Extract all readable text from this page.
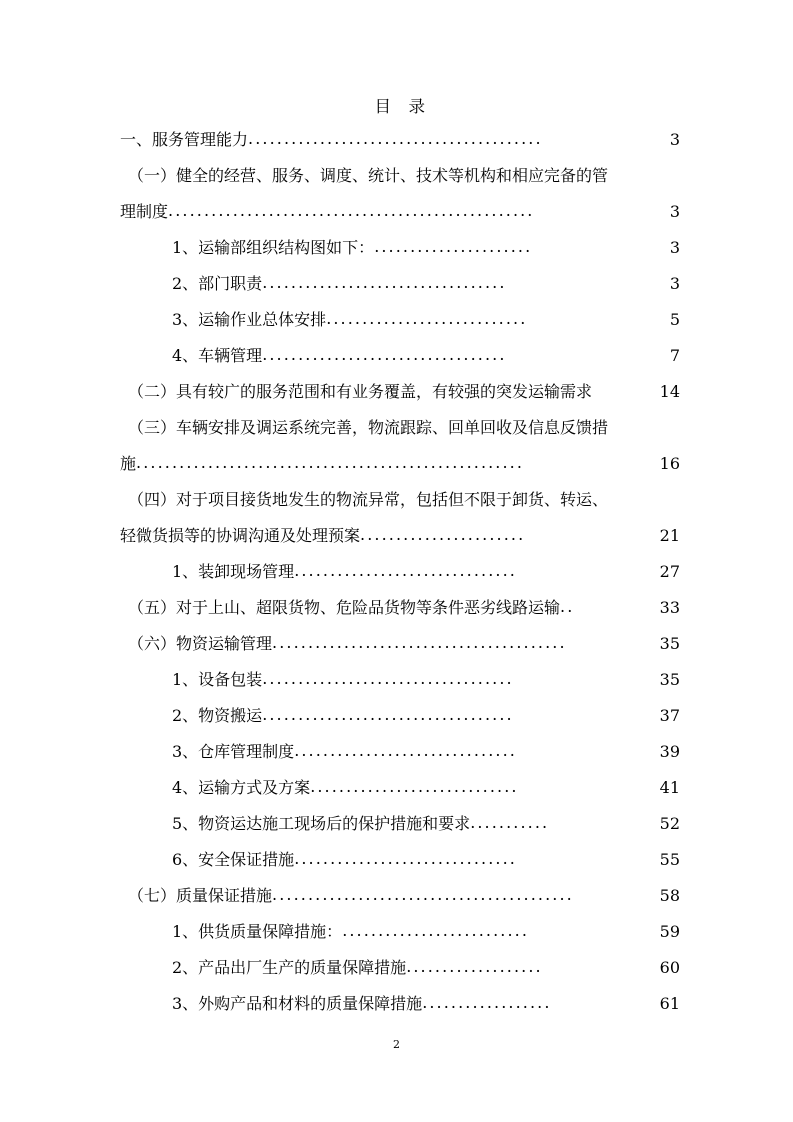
目　录
一、服务管理能力 .........................................	3
（一）健全的经营、服务、调度、统计、技术等机构和相应完备的管
理制度 ...................................................	3
1、运输部组织结构图如下： ......................	3
2、部门职责 ..................................	3
3、运输作业总体安排 ............................	5
4、车辆管理 ..................................	7
（二）具有较广的服务范围和有业务覆盖，有较强的突发运输需求	14
（三）车辆安排及调运系统完善，物流跟踪、回单回收及信息反馈措
施 ......................................................	16
（四）对于项目接货地发生的物流异常，包括但不限于卸货、转运、
轻微货损等的协调沟通及处理预案 .......................	21
1、装卸现场管理 ...............................	27
（五）对于上山、超限货物、危险品货物等条件恶劣线路运输 ..	33
（六）物资运输管理 .........................................	35
1、设备包装 ...................................	35
2、物资搬运 ...................................	37
3、仓库管理制度 ...............................	39
4、运输方式及方案 .............................	41
5、物资运达施工现场后的保护措施和要求 ...........	52
6、安全保证措施 ...............................	55
（七）质量保证措施 ..........................................	58
1、供货质量保障措施： ..........................	59
2、产品出厂生产的质量保障措施 ...................	60
3、外购产品和材料的质量保障措施 ..................	61
2
